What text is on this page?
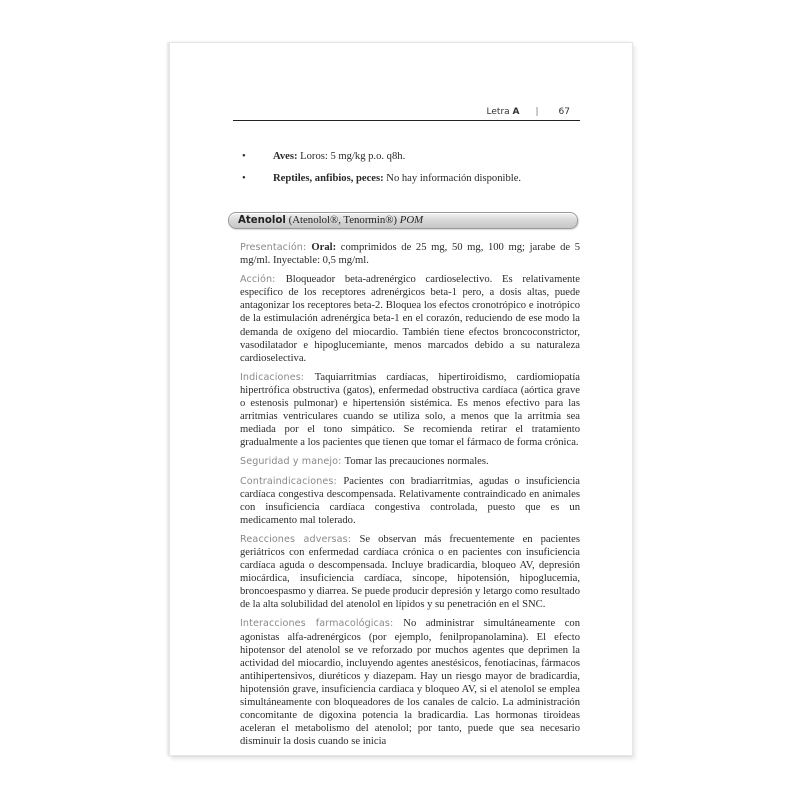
Letra A | 67
•	Aves: Loros: 5 mg/kg p.o. q8h.
•	Reptiles, anfibios, peces: No hay información disponible.
Atenolol (Atenolol®, Tenormin®) POM

Presentación: Oral: comprimidos de 25 mg, 50 mg, 100 mg; jarabe de 5 mg/ml. Inyectable: 0,5 mg/ml.

Acción: Bloqueador beta-adrenérgico cardioselectivo. Es relativamente específico de los receptores adrenérgicos beta-1 pero, a dosis altas, puede antagonizar los receptores beta-2. Bloquea los efectos cronotrópico e inotrópico de la estimulación adrenérgica beta-1 en el corazón, reduciendo de ese modo la demanda de oxígeno del miocardio. También tiene efectos broncoconstrictor, vasodilatador e hipoglucemiante, menos marcados debido a su naturaleza cardioselectiva.

Indicaciones: Taquiarritmias cardíacas, hipertiroidismo, cardiomiopatía hipertrófica obstructiva (gatos), enfermedad obstructiva cardíaca (aórtica grave o estenosis pulmonar) e hipertensión sistémica. Es menos efectivo para las arritmias ventriculares cuando se utiliza solo, a menos que la arritmia sea mediada por el tono simpático. Se recomienda retirar el tratamiento gradualmente a los pacientes que tienen que tomar el fármaco de forma crónica.

Seguridad y manejo: Tomar las precauciones normales.

Contraindicaciones: Pacientes con bradiarritmias, agudas o insuficiencia cardíaca congestiva descompensada. Relativamente contraindicado en animales con insuficiencia cardíaca congestiva controlada, puesto que es un medicamento mal tolerado.

Reacciones adversas: Se observan más frecuentemente en pacientes geriátricos con enfermedad cardíaca crónica o en pacientes con insuficiencia cardíaca aguda o descompensada. Incluye bradicardia, bloqueo AV, depresión miocárdica, insuficiencia cardíaca, síncope, hipotensión, hipoglucemia, broncoespasmo y diarrea. Se puede producir depresión y letargo como resultado de la alta solubilidad del atenolol en lípidos y su penetración en el SNC.

Interacciones farmacológicas: No administrar simultáneamente con agonistas alfa-adrenérgicos (por ejemplo, fenilpropanolamina). El efecto hipotensor del atenolol se ve reforzado por muchos agentes que deprimen la actividad del miocardio, incluyendo agentes anestésicos, fenotiacinas, fármacos antihipertensivos, diuréticos y diazepam. Hay un riesgo mayor de bradicardia, hipotensión grave, insuficiencia cardiaca y bloqueo AV, si el atenolol se emplea simultáneamente con bloqueadores de los canales de calcio. La administración concomitante de digoxina potencia la bradicardia. Las hormonas tiroideas aceleran el metabolismo del atenolol; por tanto, puede que sea necesario disminuir la dosis cuando se inicia
